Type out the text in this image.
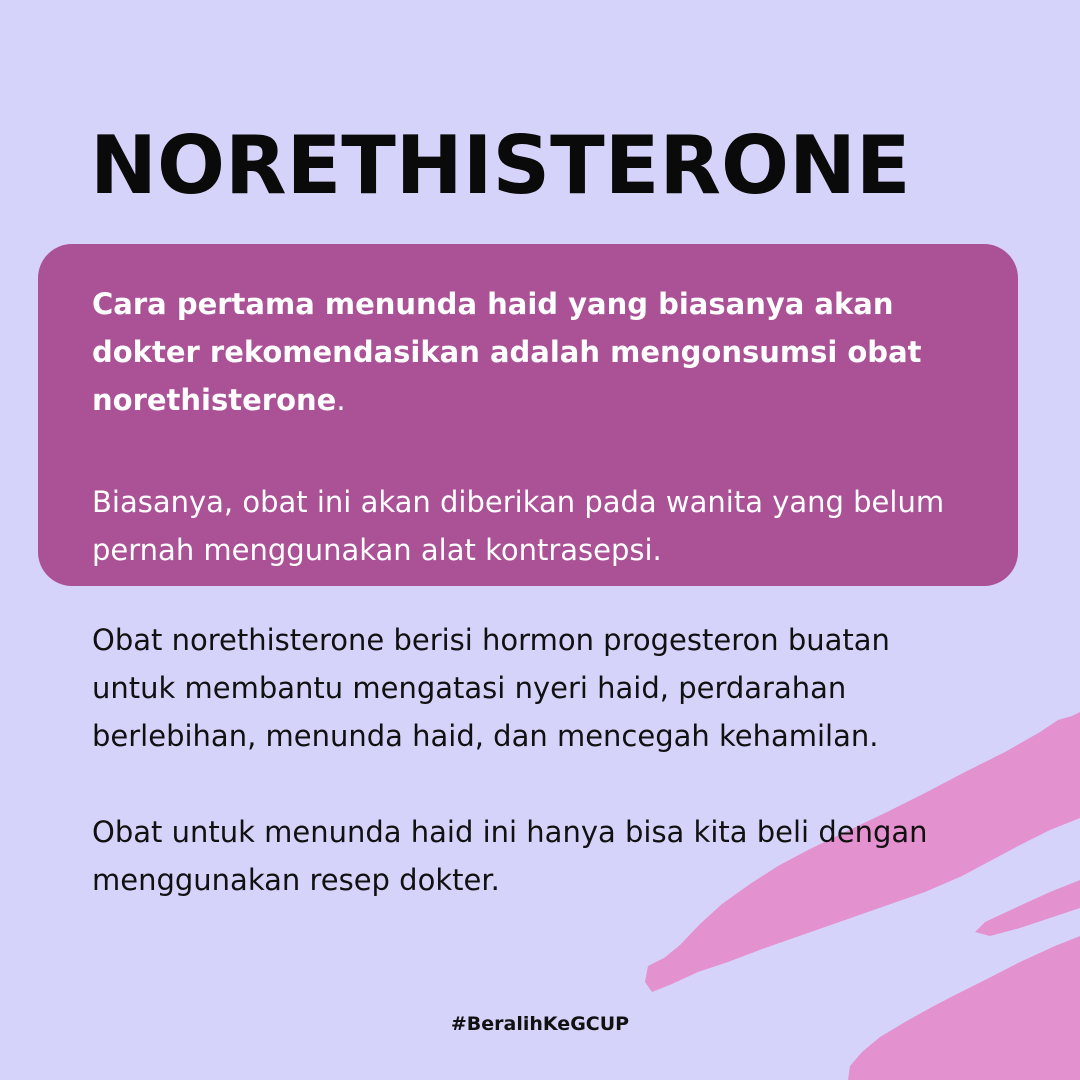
NORETHISTERONE

Cara pertama menunda haid yang biasanya akan dokter rekomendasikan adalah mengonsumsi obat norethisterone.

Biasanya, obat ini akan diberikan pada wanita yang belum pernah menggunakan alat kontrasepsi.

Obat norethisterone berisi hormon progesteron buatan untuk membantu mengatasi nyeri haid, perdarahan berlebihan, menunda haid, dan mencegah kehamilan.

Obat untuk menunda haid ini hanya bisa kita beli dengan menggunakan resep dokter.

#BeralihKeGCUP
